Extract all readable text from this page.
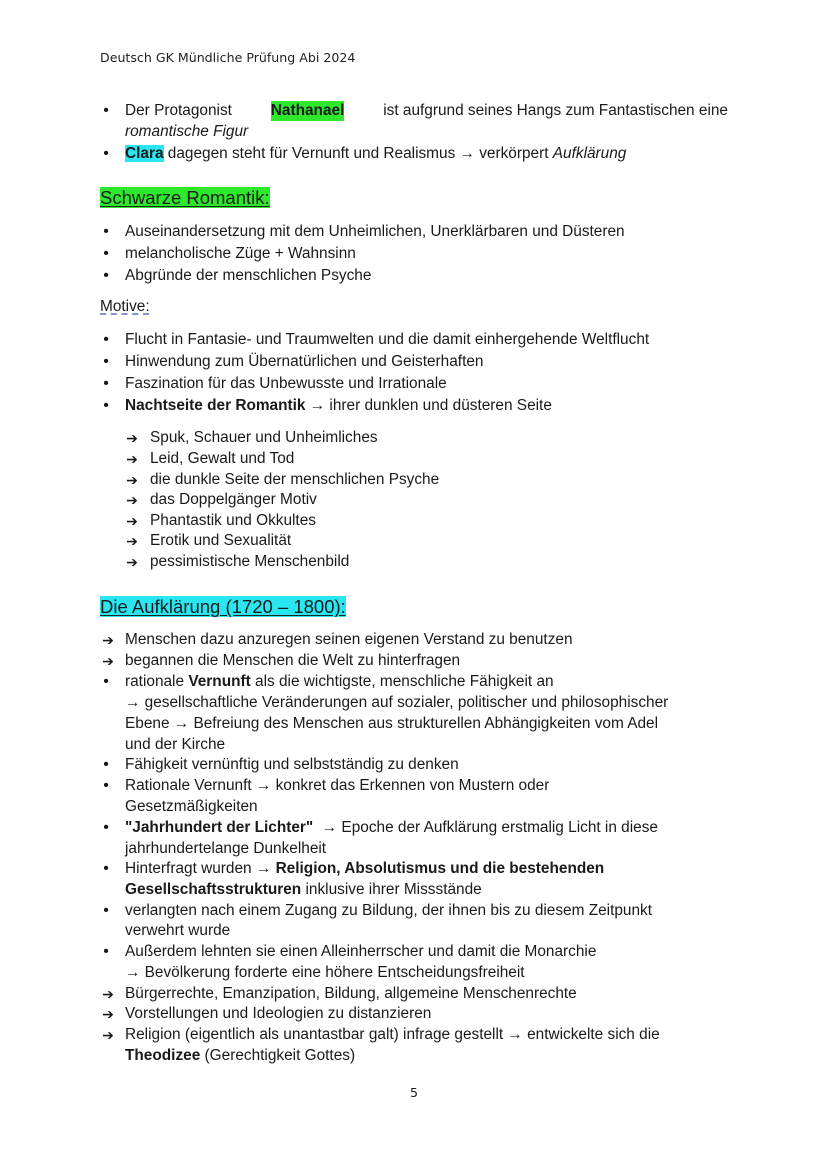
Deutsch GK Mündliche Prüfung Abi 2024
•	Der Protagonist	Nathanael	ist aufgrund seines Hangs zum Fantastischen eine
romantische Figur
•	Clara dagegen steht für Vernunft und Realismus → verkörpert Aufklärung
Schwarze Romantik:
•	Auseinandersetzung mit dem Unheimlichen, Unerklärbaren und Düsteren
•	melancholische Züge + Wahnsinn
•	Abgründe der menschlichen Psyche
Motive:
•	Flucht in Fantasie- und Traumwelten und die damit einhergehende Weltflucht
•	Hinwendung zum Übernatürlichen und Geisterhaften
•	Faszination für das Unbewusste und Irrationale
•	Nachtseite der Romantik → ihrer dunklen und düsteren Seite
➔ Spuk, Schauer und Unheimliches
➔ Leid, Gewalt und Tod
➔ die dunkle Seite der menschlichen Psyche
➔ das Doppelgänger Motiv
➔ Phantastik und Okkultes
➔ Erotik und Sexualität
➔ pessimistische Menschenbild
Die Aufklärung (1720 – 1800):
➔ Menschen dazu anzuregen seinen eigenen Verstand zu benutzen
➔ begannen die Menschen die Welt zu hinterfragen
•	rationale Vernunft als die wichtigste, menschliche Fähigkeit an
→ gesellschaftliche Veränderungen auf sozialer, politischer und philosophischer
Ebene → Befreiung des Menschen aus strukturellen Abhängigkeiten vom Adel
und der Kirche
•	Fähigkeit vernünftig und selbstständig zu denken
•	Rationale Vernunft → konkret das Erkennen von Mustern oder
Gesetzmäßigkeiten
•	"Jahrhundert der Lichter" → Epoche der Aufklärung erstmalig Licht in diese
jahrhundertelange Dunkelheit
•	Hinterfragt wurden → Religion, Absolutismus und die bestehenden
Gesellschaftsstrukturen inklusive ihrer Missstände
•	verlangten nach einem Zugang zu Bildung, der ihnen bis zu diesem Zeitpunkt
verwehrt wurde
•	Außerdem lehnten sie einen Alleinherrscher und damit die Monarchie
→ Bevölkerung forderte eine höhere Entscheidungsfreiheit
➔ Bürgerrechte, Emanzipation, Bildung, allgemeine Menschenrechte
➔ Vorstellungen und Ideologien zu distanzieren
➔ Religion (eigentlich als unantastbar galt) infrage gestellt → entwickelte sich die
Theodizee (Gerechtigkeit Gottes)
5
